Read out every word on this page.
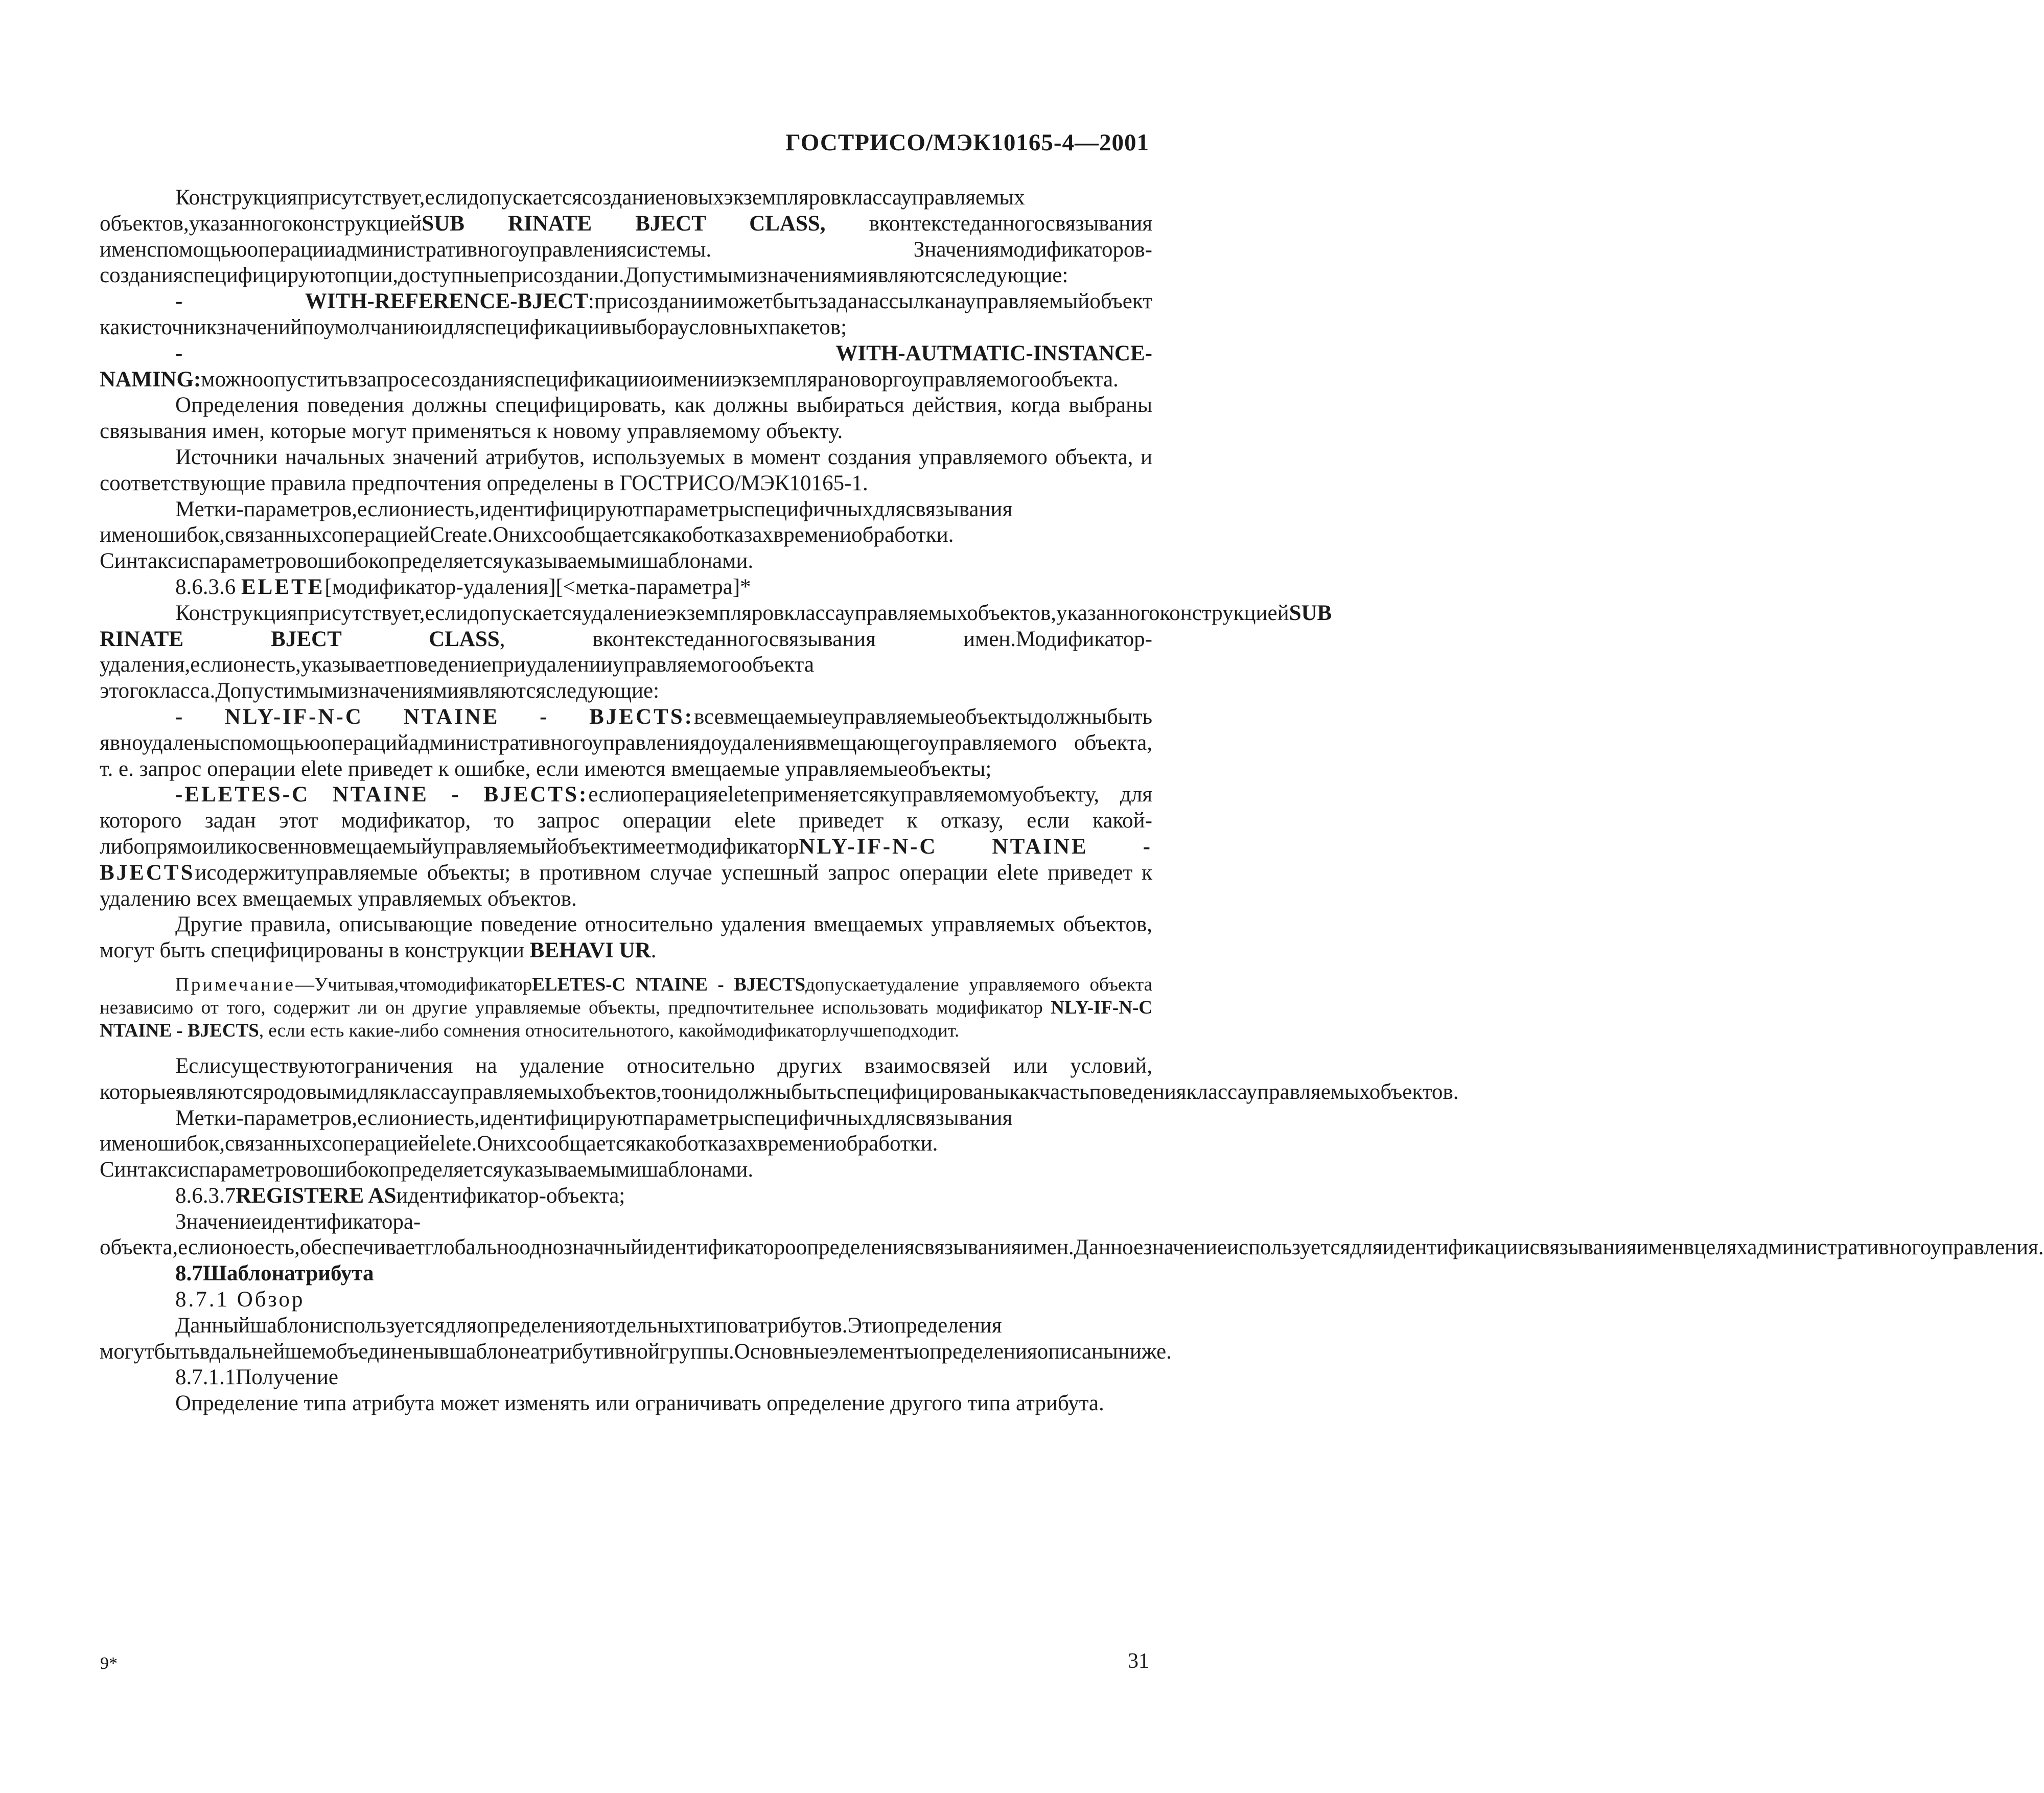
ГОСТРИСО/МЭК10165-4—2001

Конструкцияприсутствует,еслидопускаетсясозданиеновыхэкземпляровклассауправляемых объектов,указанногоконструкциейSUB RINATE BJECT CLASS, вконтекстеданногосвязывания именспомощьюоперацииадминистративногоуправлениясистемы. Значениямодификаторов-созданияспецифицируютопции,доступныеприсоздании.Допустимымизначениямиявляютсяследующие:

- WITH-REFERENCE-BJECT:присозданииможетбытьзаданассылканауправляемыйобъект какисточникзначенийпоумолчаниюидляспецификациивыбораусловныхпакетов;

- WITH-AUTMATIC-INSTANCE-NAMING:можноопуститьвзапросесозданияспецификацииоименииэкземплярановоргоуправляемогообъекта.

Определения поведения должны специфицировать, как должны выбираться действия, когда выбраны связывания имен, которые могут применяться к новому управляемому объекту.

Источники начальных значений атрибутов, используемых в момент создания управляемого объекта, и соответствующие правила предпочтения определены в ГОСТРИСО/МЭК10165-1.

Метки-параметров,еслиониесть,идентифицируютпараметрыспецифичныхдлясвязывания именошибок,связанныхсоперациейCreate.Онихсообщаетсякакоботказахвремениобработки. Синтаксиспараметровошибокопределяетсяуказываемымишаблонами.

8.6.3.6 ELETE[модификатор-удаления][<метка-параметра]*

Конструкцияприсутствует,еслидопускаетсяудалениеэкземпляровклассауправляемыхобъектов,указанногоконструкциейSUB RINATE BJECT CLASS, вконтекстеданногосвязывания имен.Модификатор-удаления,еслионесть,указываетповедениеприудаленииуправляемогообъекта этогокласса.Допустимымизначениямиявляютсяследующие:

- NLY-IF-N-C NTAINE - BJECTS:всевмещаемыеуправляемыеобъектыдолжныбыть явноудаленыспомощьюоперацийадминистративногоуправлениядоудалениявмещающегоуправляемого объекта, т. е. запрос операции elete приведет к ошибке, если имеются вмещаемые управляемыеобъекты;

-ELETES-C NTAINE - BJECTS:еслиоперацияeleteприменяетсякуправляемомуобъекту, для которого задан этот модификатор, то запрос операции elete приведет к отказу, если какой-либопрямоиликосвенновмещаемыйуправляемыйобъектимеетмодификаторNLY-IF-N-C NTAINE - BJECTSисодержитуправляемые объекты; в противном случае успешный запрос операции elete приведет к удалению всех вмещаемых управляемых объектов.

Другие правила, описывающие поведение относительно удаления вмещаемых управляемых объектов, могут быть специфицированы в конструкции BEHAVI UR.

Примечание—Учитывая,чтомодификаторELETES-C NTAINE - BJECTSдопускаетудаление управляемого объекта независимо от того, содержит ли он другие управляемые объекты, предпочтительнее использовать модификатор NLY-IF-N-C NTAINE - BJECTS, если есть какие-либо сомнения относительнотого, какоймодификаторлучшеподходит.

Еслисуществуютограничения на удаление относительно других взаимосвязей или условий, которыеявляютсяродовымидляклассауправляемыхобъектов,тоонидолжныбытьспецифицированыкакчастьповеденияклассауправляемыхобъектов.

Метки-параметров,еслиониесть,идентифицируютпараметрыспецифичныхдлясвязывания именошибок,связанныхсоперациейelete.Онихсообщаетсякакоботказахвремениобработки. Синтаксиспараметровошибокопределяетсяуказываемымишаблонами.

8.6.3.7REGISTERE ASидентификатор-объекта;

Значениеидентификатора-объекта,еслионоесть,обеспечиваетглобальнооднозначныйидентификатороопределениясвязыванияимен.Данноезначениеиспользуетсядляидентификациисвязыванияименвцеляхадминистративногоуправления.

8.7Шаблонатрибута

8.7.1 Обзор

Данныйшаблониспользуетсядляопределенияотдельныхтиповатрибутов.Этиопределения могутбытьвдальнейшемобъединенывшаблонеатрибутивнойгруппы.Основныеэлементыопределенияописаныниже.

8.7.1.1Получение

Определение типа атрибута может изменять или ограничивать определение другого типа атрибута.

9*	31
